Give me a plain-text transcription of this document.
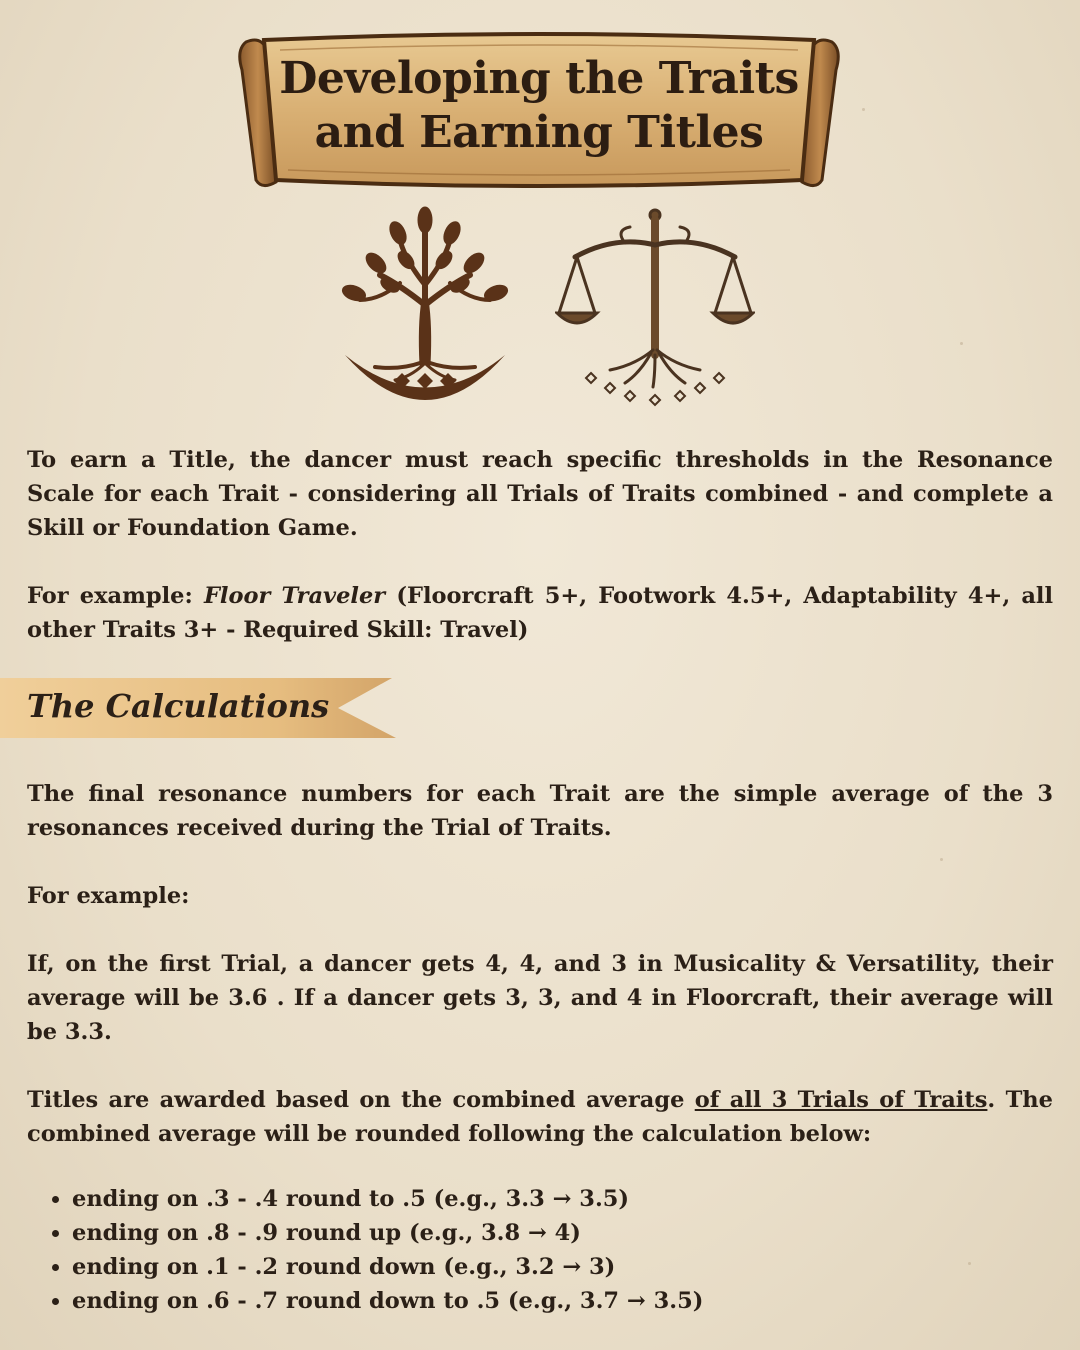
Developing the Traits
and Earning Titles
To earn a Title, the dancer must reach specific thresholds in the Resonance Scale for each Trait - considering all Trials of Traits combined - and complete a Skill or Foundation Game.
For example: Floor Traveler (Floorcraft 5+, Footwork 4.5+, Adaptability 4+, all other Traits 3+ - Required Skill: Travel)
The Calculations
The final resonance numbers for each Trait are the simple average of the 3 resonances received during the Trial of Traits.
For example:
If, on the first Trial, a dancer gets 4, 4, and 3 in Musicality & Versatility, their average will be 3.6 . If a dancer gets 3, 3, and 4 in Floorcraft, their average will be 3.3.
Titles are awarded based on the combined average of all 3 Trials of Traits. The combined average will be rounded following the calculation below:
• ending on .3 - .4 round to .5 (e.g., 3.3 → 3.5)
• ending on .8 - .9 round up (e.g., 3.8 → 4)
• ending on .1 - .2 round down (e.g., 3.2 → 3)
• ending on .6 - .7 round down to .5 (e.g., 3.7 → 3.5)
